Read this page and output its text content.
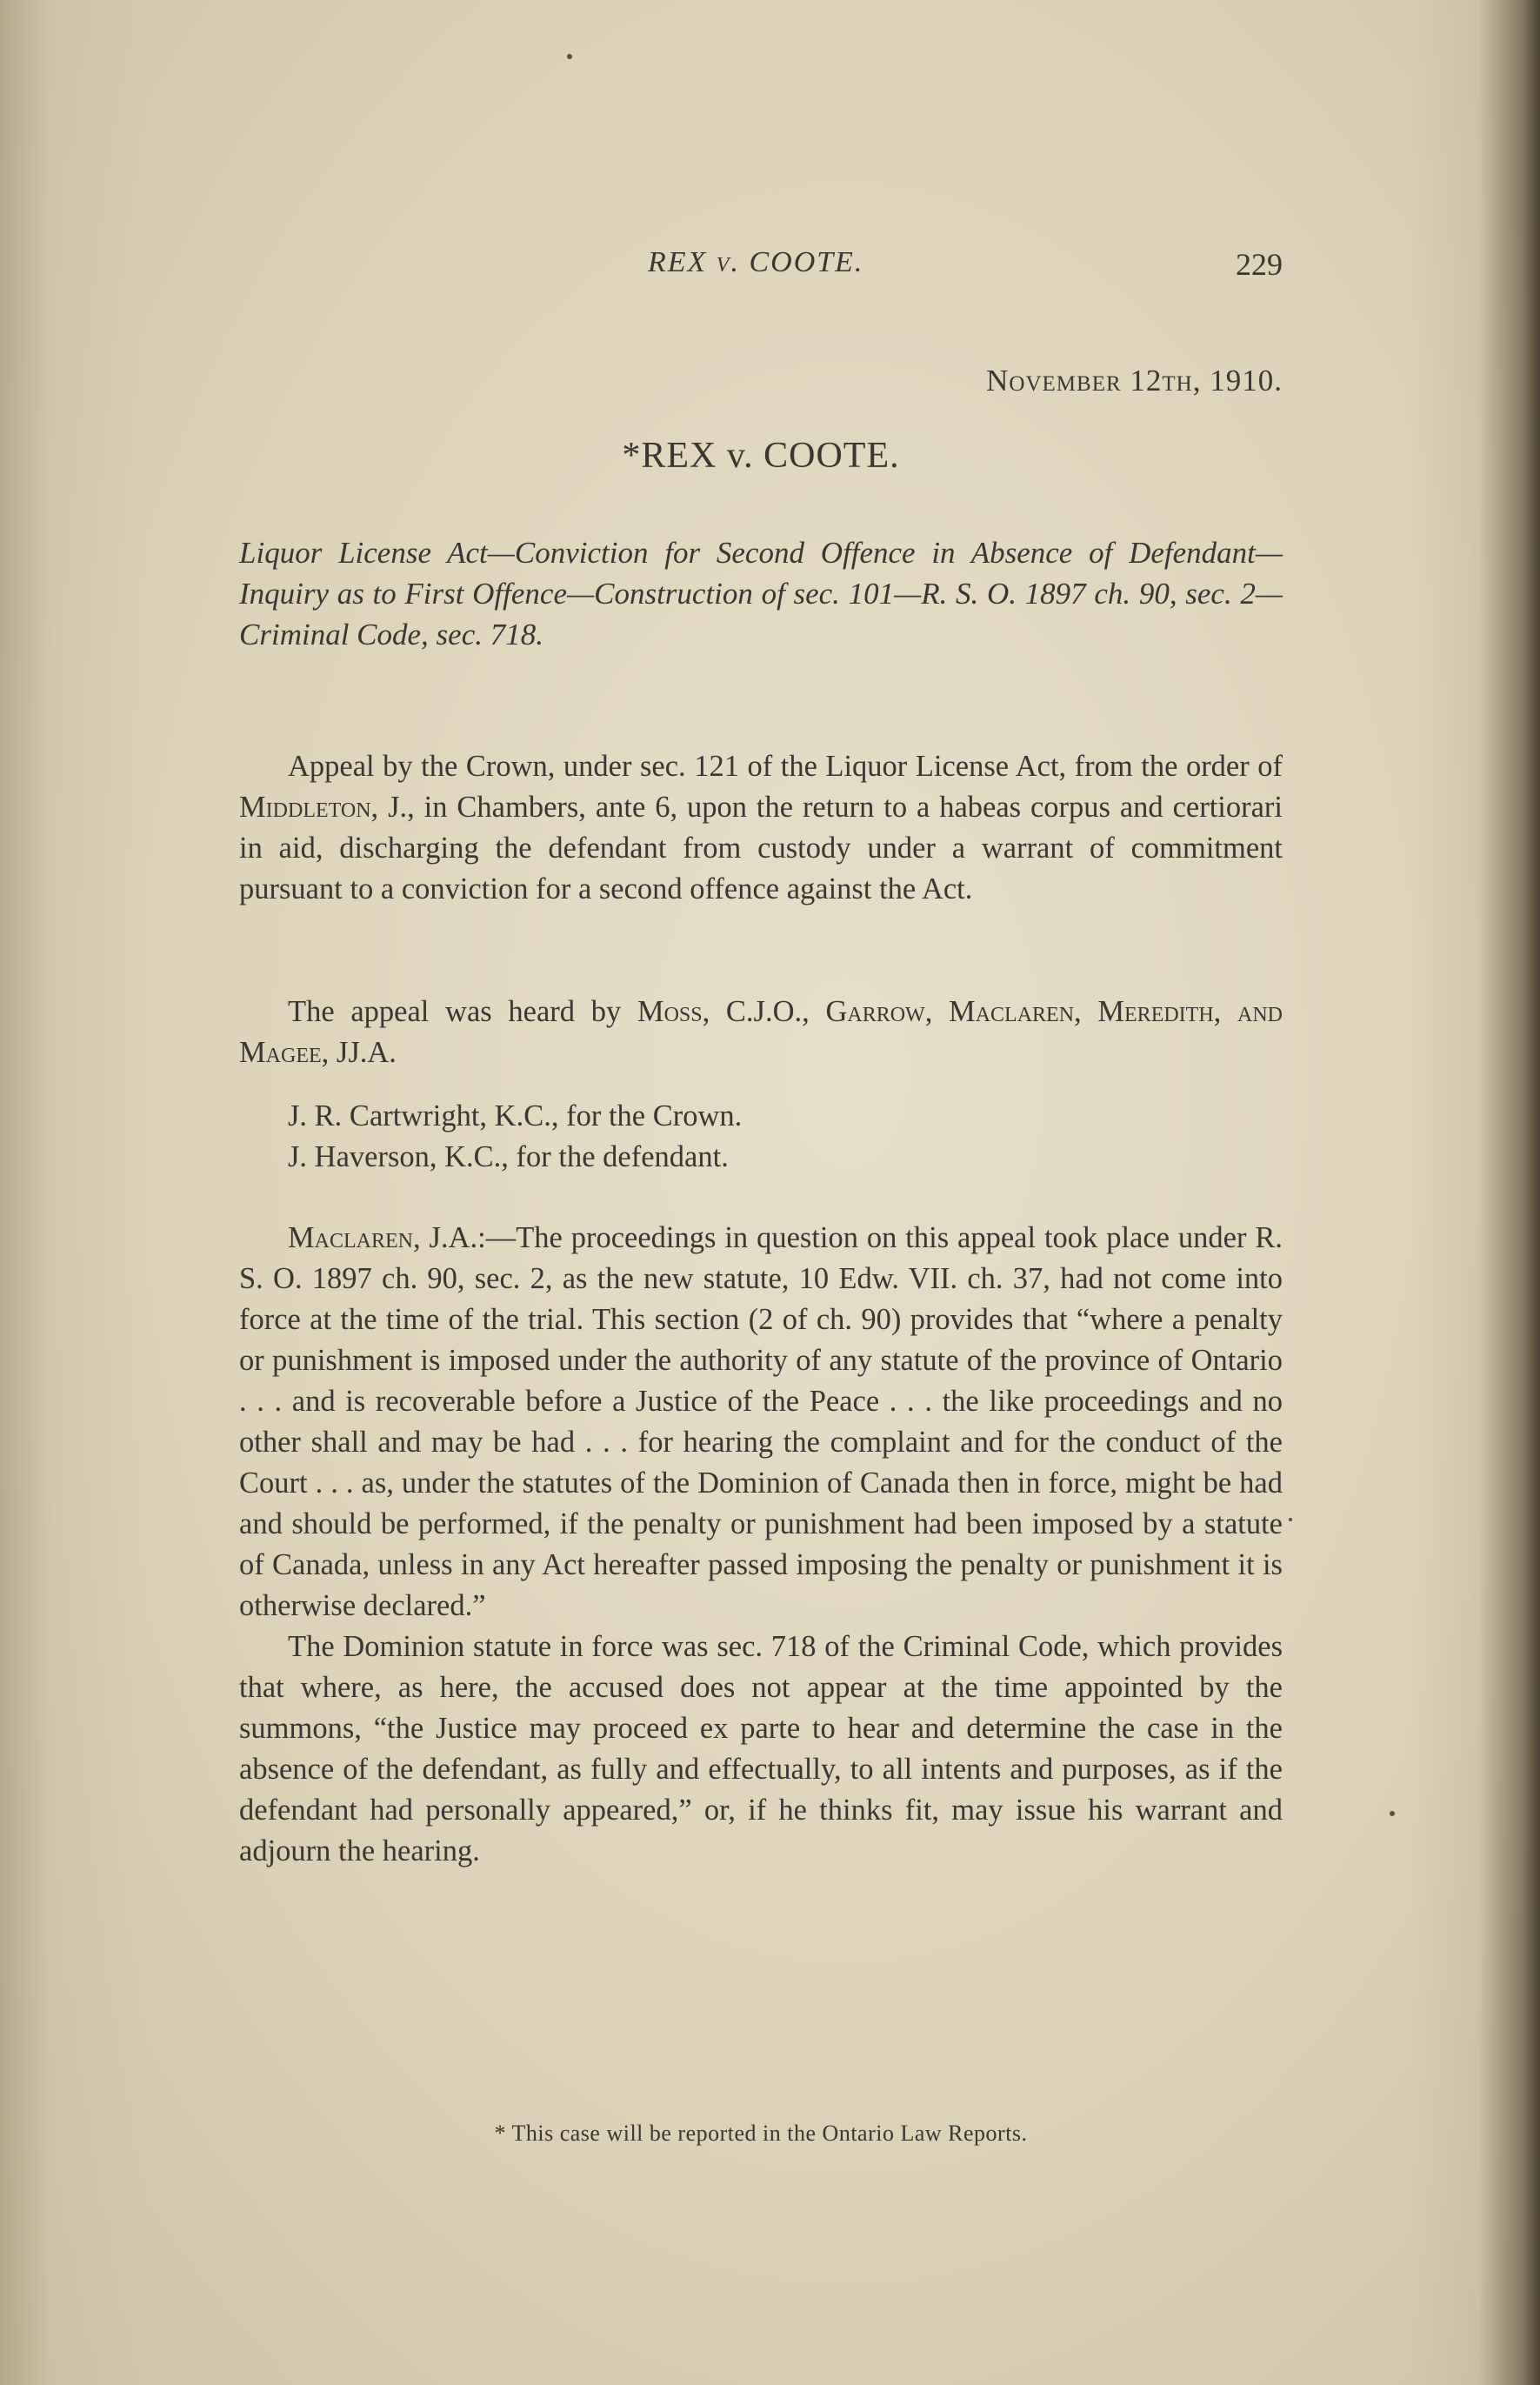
REX v. COOTE.	229
November 12th, 1910.
*REX v. COOTE.
Liquor License Act—Conviction for Second Offence in Absence of Defendant—Inquiry as to First Offence—Construction of sec. 101—R. S. O. 1897 ch. 90, sec. 2—Criminal Code, sec. 718.

Appeal by the Crown, under sec. 121 of the Liquor License Act, from the order of Middleton, J., in Chambers, ante 6, upon the return to a habeas corpus and certiorari in aid, discharging the defendant from custody under a warrant of commitment pursuant to a conviction for a second offence against the Act.

The appeal was heard by Moss, C.J.O., Garrow, Maclaren, Meredith, and Magee, JJ.A.

J. R. Cartwright, K.C., for the Crown.

J. Haverson, K.C., for the defendant.

Maclaren, J.A.:—The proceedings in question on this appeal took place under R. S. O. 1897 ch. 90, sec. 2, as the new statute, 10 Edw. VII. ch. 37, had not come into force at the time of the trial. This section (2 of ch. 90) provides that “where a penalty or punishment is imposed under the authority of any statute of the province of Ontario . . . and is recoverable before a Justice of the Peace . . . the like proceedings and no other shall and may be had . . . for hearing the complaint and for the conduct of the Court . . . as, under the statutes of the Dominion of Canada then in force, might be had and should be performed, if the penalty or punishment had been imposed by a statute of Canada, unless in any Act hereafter passed imposing the penalty or punishment it is otherwise declared.”

The Dominion statute in force was sec. 718 of the Criminal Code, which provides that where, as here, the accused does not appear at the time appointed by the summons, “the Justice may proceed ex parte to hear and determine the case in the absence of the defendant, as fully and effectually, to all intents and purposes, as if the defendant had personally appeared,” or, if he thinks fit, may issue his warrant and adjourn the hearing.

* This case will be reported in the Ontario Law Reports.
